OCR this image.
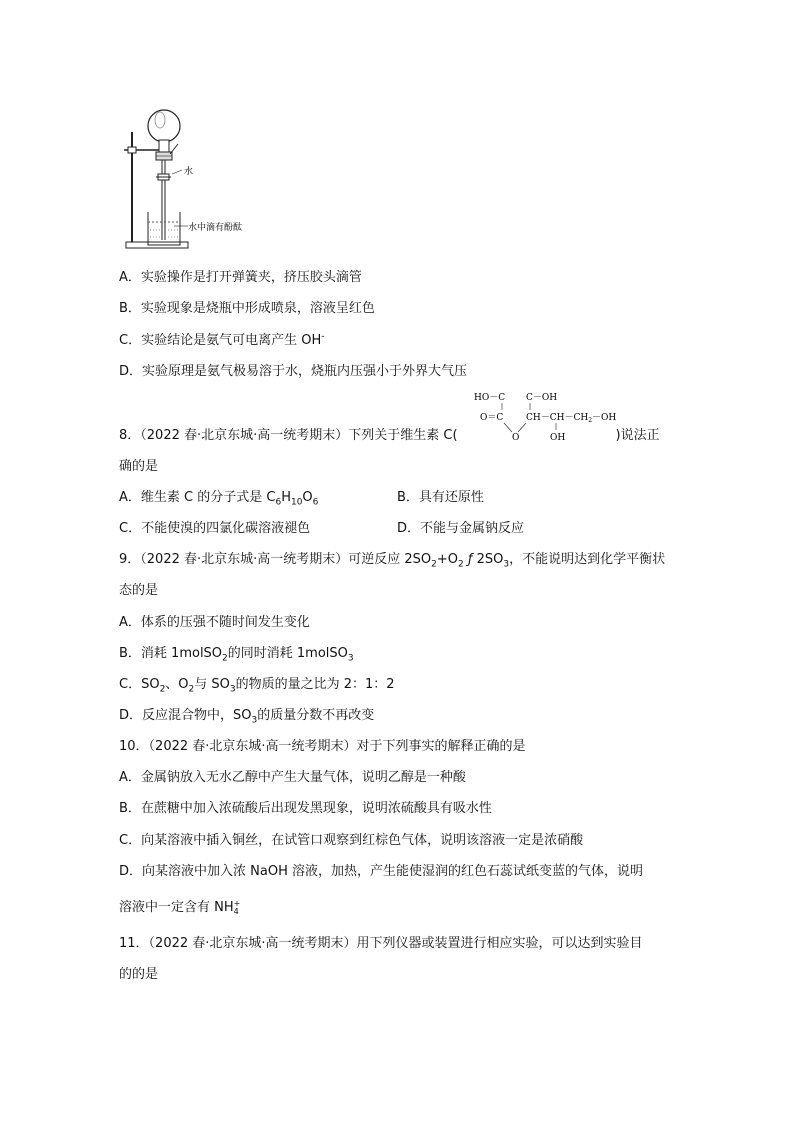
水
水中滴有酚酞
A．实验操作是打开弹簧夹，挤压胶头滴管
B．实验现象是烧瓶中形成喷泉，溶液呈红色
C．实验结论是氨气可电离产生 OH-
D．实验原理是氨气极易溶于水，烧瓶内压强小于外界大气压
HO－C C－OH
O＝C	$CH-CH-CH_2-OH$
O	OH
8．（2022 春·北京东城·高一统考期末）下列关于维生素 C(	)说法正
确的是
A．维生素 C 的分子式是 $C_6H_{10}O_6$	B．具有还原性
C．不能使溴的四氯化碳溶液褪色	D．不能与金属钠反应
9．（2022 春·北京东城·高一统考期末）可逆反应 $2SO_2+O_2$ ƒ $2SO_3$，不能说明达到化学平衡状
态的是
A．体系的压强不随时间发生变化
B．消耗 1molSO$_2$的同时消耗 1molSO$_3$
C．$SO_2$、$O_2$与 $SO_3$的物质的量之比为 2：1：2
D．反应混合物中，$SO_3$的质量分数不再改变
10．（2022 春·北京东城·高一统考期末）对于下列事实的解释正确的是
A．金属钠放入无水乙醇中产生大量气体，说明乙醇是一种酸
B．在蔗糖中加入浓硫酸后出现发黑现象，说明浓硫酸具有吸水性
C．向某溶液中插入铜丝，在试管口观察到红棕色气体，说明该溶液一定是浓硝酸
D．向某溶液中加入浓 NaOH 溶液，加热，产生能使湿润的红色石蕊试纸变蓝的气体，说明
溶液中一定含有 NH +
4
11．（2022 春·北京东城·高一统考期末）用下列仪器或装置进行相应实验，可以达到实验目
的的是
